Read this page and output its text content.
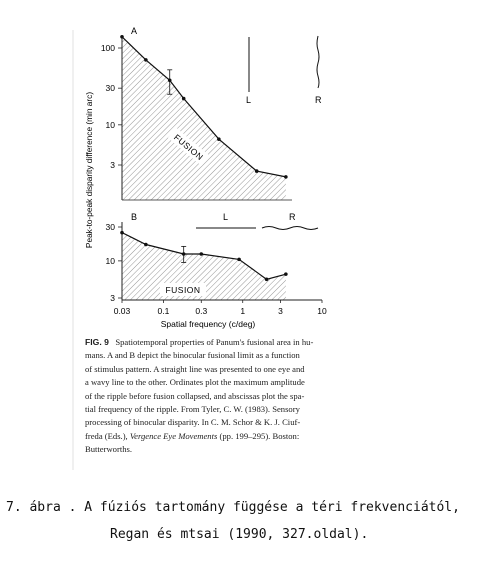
A
3
10
30
100
FUSION
L	R
Peak-to-peak disparity difference (min arc)	B
3
10
30
FUSION
L	R
0.03	0.1	0.3	1	3	10
Spatial frequency (c/deg)
FIG. 9 Spatiotemporal properties of Panum's fusional area in hu-
mans. A and B depict the binocular fusional limit as a function
of stimulus pattern. A straight line was presented to one eye and
a wavy line to the other. Ordinates plot the maximum amplitude
of the ripple before fusion collapsed, and abscissas plot the spa-
tial frequency of the ripple. From Tyler, C. W. (1983). Sensory
processing of binocular disparity. In C. M. Schor & K. J. Ciuf-
freda (Eds.), Vergence Eye Movements (pp. 199–295). Boston:
Butterworths.
7. ábra . A fúziós tartomány függése a téri frekvenciától,
Regan és mtsai (1990, 327.oldal).
